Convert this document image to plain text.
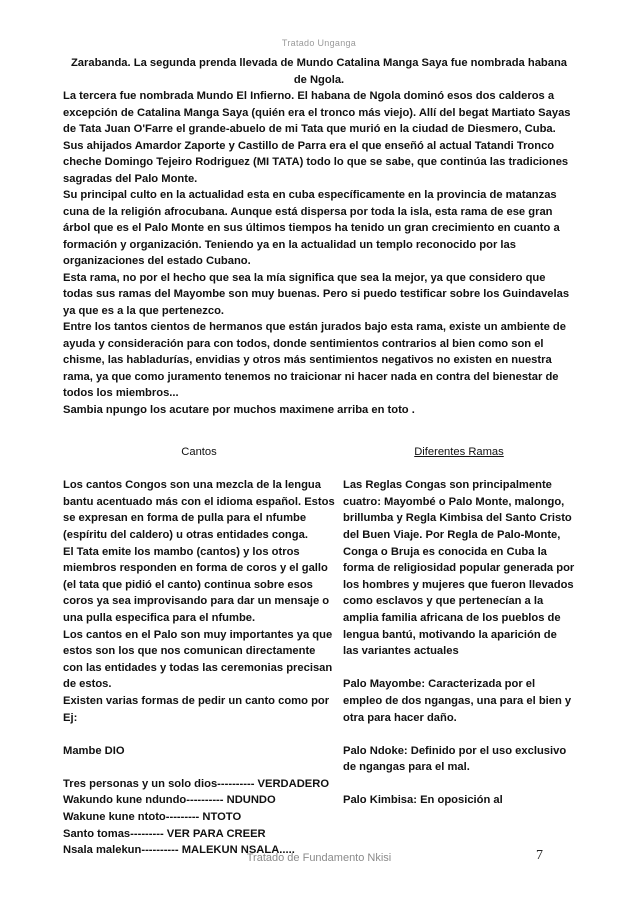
Tratado Unganga

Zarabanda. La segunda prenda llevada de Mundo Catalina Manga Saya fue nombrada habana de Ngola.

La tercera fue nombrada Mundo El Infierno. El habana de Ngola dominó esos dos calderos a excepción de Catalina Manga Saya (quién era el tronco más viejo). Allí del begat Martiato Sayas de Tata Juan O'Farre el grande-abuelo de mi Tata que murió en la ciudad de Diesmero, Cuba. Sus ahijados Amardor Zaporte y Castillo de Parra era el que enseñó al actual Tatandi Tronco cheche Domingo Tejeiro Rodriguez (MI TATA) todo lo que se sabe, que continúa las tradiciones sagradas del Palo Monte.

Su principal culto en la actualidad esta en cuba específicamente en la provincia de matanzas cuna de la religión afrocubana. Aunque está dispersa por toda la isla, esta rama de ese gran árbol que es el Palo Monte en sus últimos tiempos ha tenido un gran crecimiento en cuanto a formación y organización. Teniendo ya en la actualidad un templo reconocido por las organizaciones del estado Cubano.

Esta rama, no por el hecho que sea la mía significa que sea la mejor, ya que considero que todas sus ramas del Mayombe son muy buenas. Pero si puedo testificar sobre los Guindavelas ya que es a la que pertenezco.

Entre los tantos cientos de hermanos que están jurados bajo esta rama, existe un ambiente de ayuda y consideración para con todos, donde sentimientos contrarios al bien como son el chisme, las habladurías, envidias y otros más sentimientos negativos no existen en nuestra rama, ya que como juramento tenemos no traicionar ni hacer nada en contra del bienestar de todos los miembros...

Sambia npungo los acutare por muchos maximene arriba en toto .

Cantos

Los cantos Congos son una mezcla de la lengua bantu acentuado más con el idioma español. Estos se expresan en forma de pulla para el nfumbe (espíritu del caldero) u otras entidades conga.

El Tata emite los mambo (cantos) y los otros miembros responden en forma de coros y el gallo (el tata que pidió el canto) continua sobre esos coros ya sea improvisando para dar un mensaje o una pulla especifica para el nfumbe.

Los cantos en el Palo son muy importantes ya que estos son los que nos comunican directamente con las entidades y todas las ceremonias precisan de estos.

Existen varias formas de pedir un canto como por Ej:

Mambe DIO

Tres personas y un solo dios---------- VERDADERO

Wakundo kune ndundo---------- NDUNDO

Wakune kune ntoto--------- NTOTO

Santo tomas--------- VER PARA CREER

Nsala malekun---------- MALEKUN NSALA.....

Diferentes Ramas

Las Reglas Congas son principalmente cuatro: Mayombé o Palo Monte, malongo, brillumba y Regla Kimbisa del Santo Cristo del Buen Viaje. Por Regla de Palo-Monte, Conga o Bruja es conocida en Cuba la forma de religiosidad popular generada por los hombres y mujeres que fueron llevados como esclavos y que pertenecían a la amplia familia africana de los pueblos de lengua bantú, motivando la aparición de las variantes actuales

Palo Mayombe: Caracterizada por el empleo de dos ngangas, una para el bien y otra para hacer daño.

Palo Ndoke: Definido por el uso exclusivo de ngangas para el mal.

Palo Kimbisa: En oposición al

Tratado de Fundamento Nkisi	7
